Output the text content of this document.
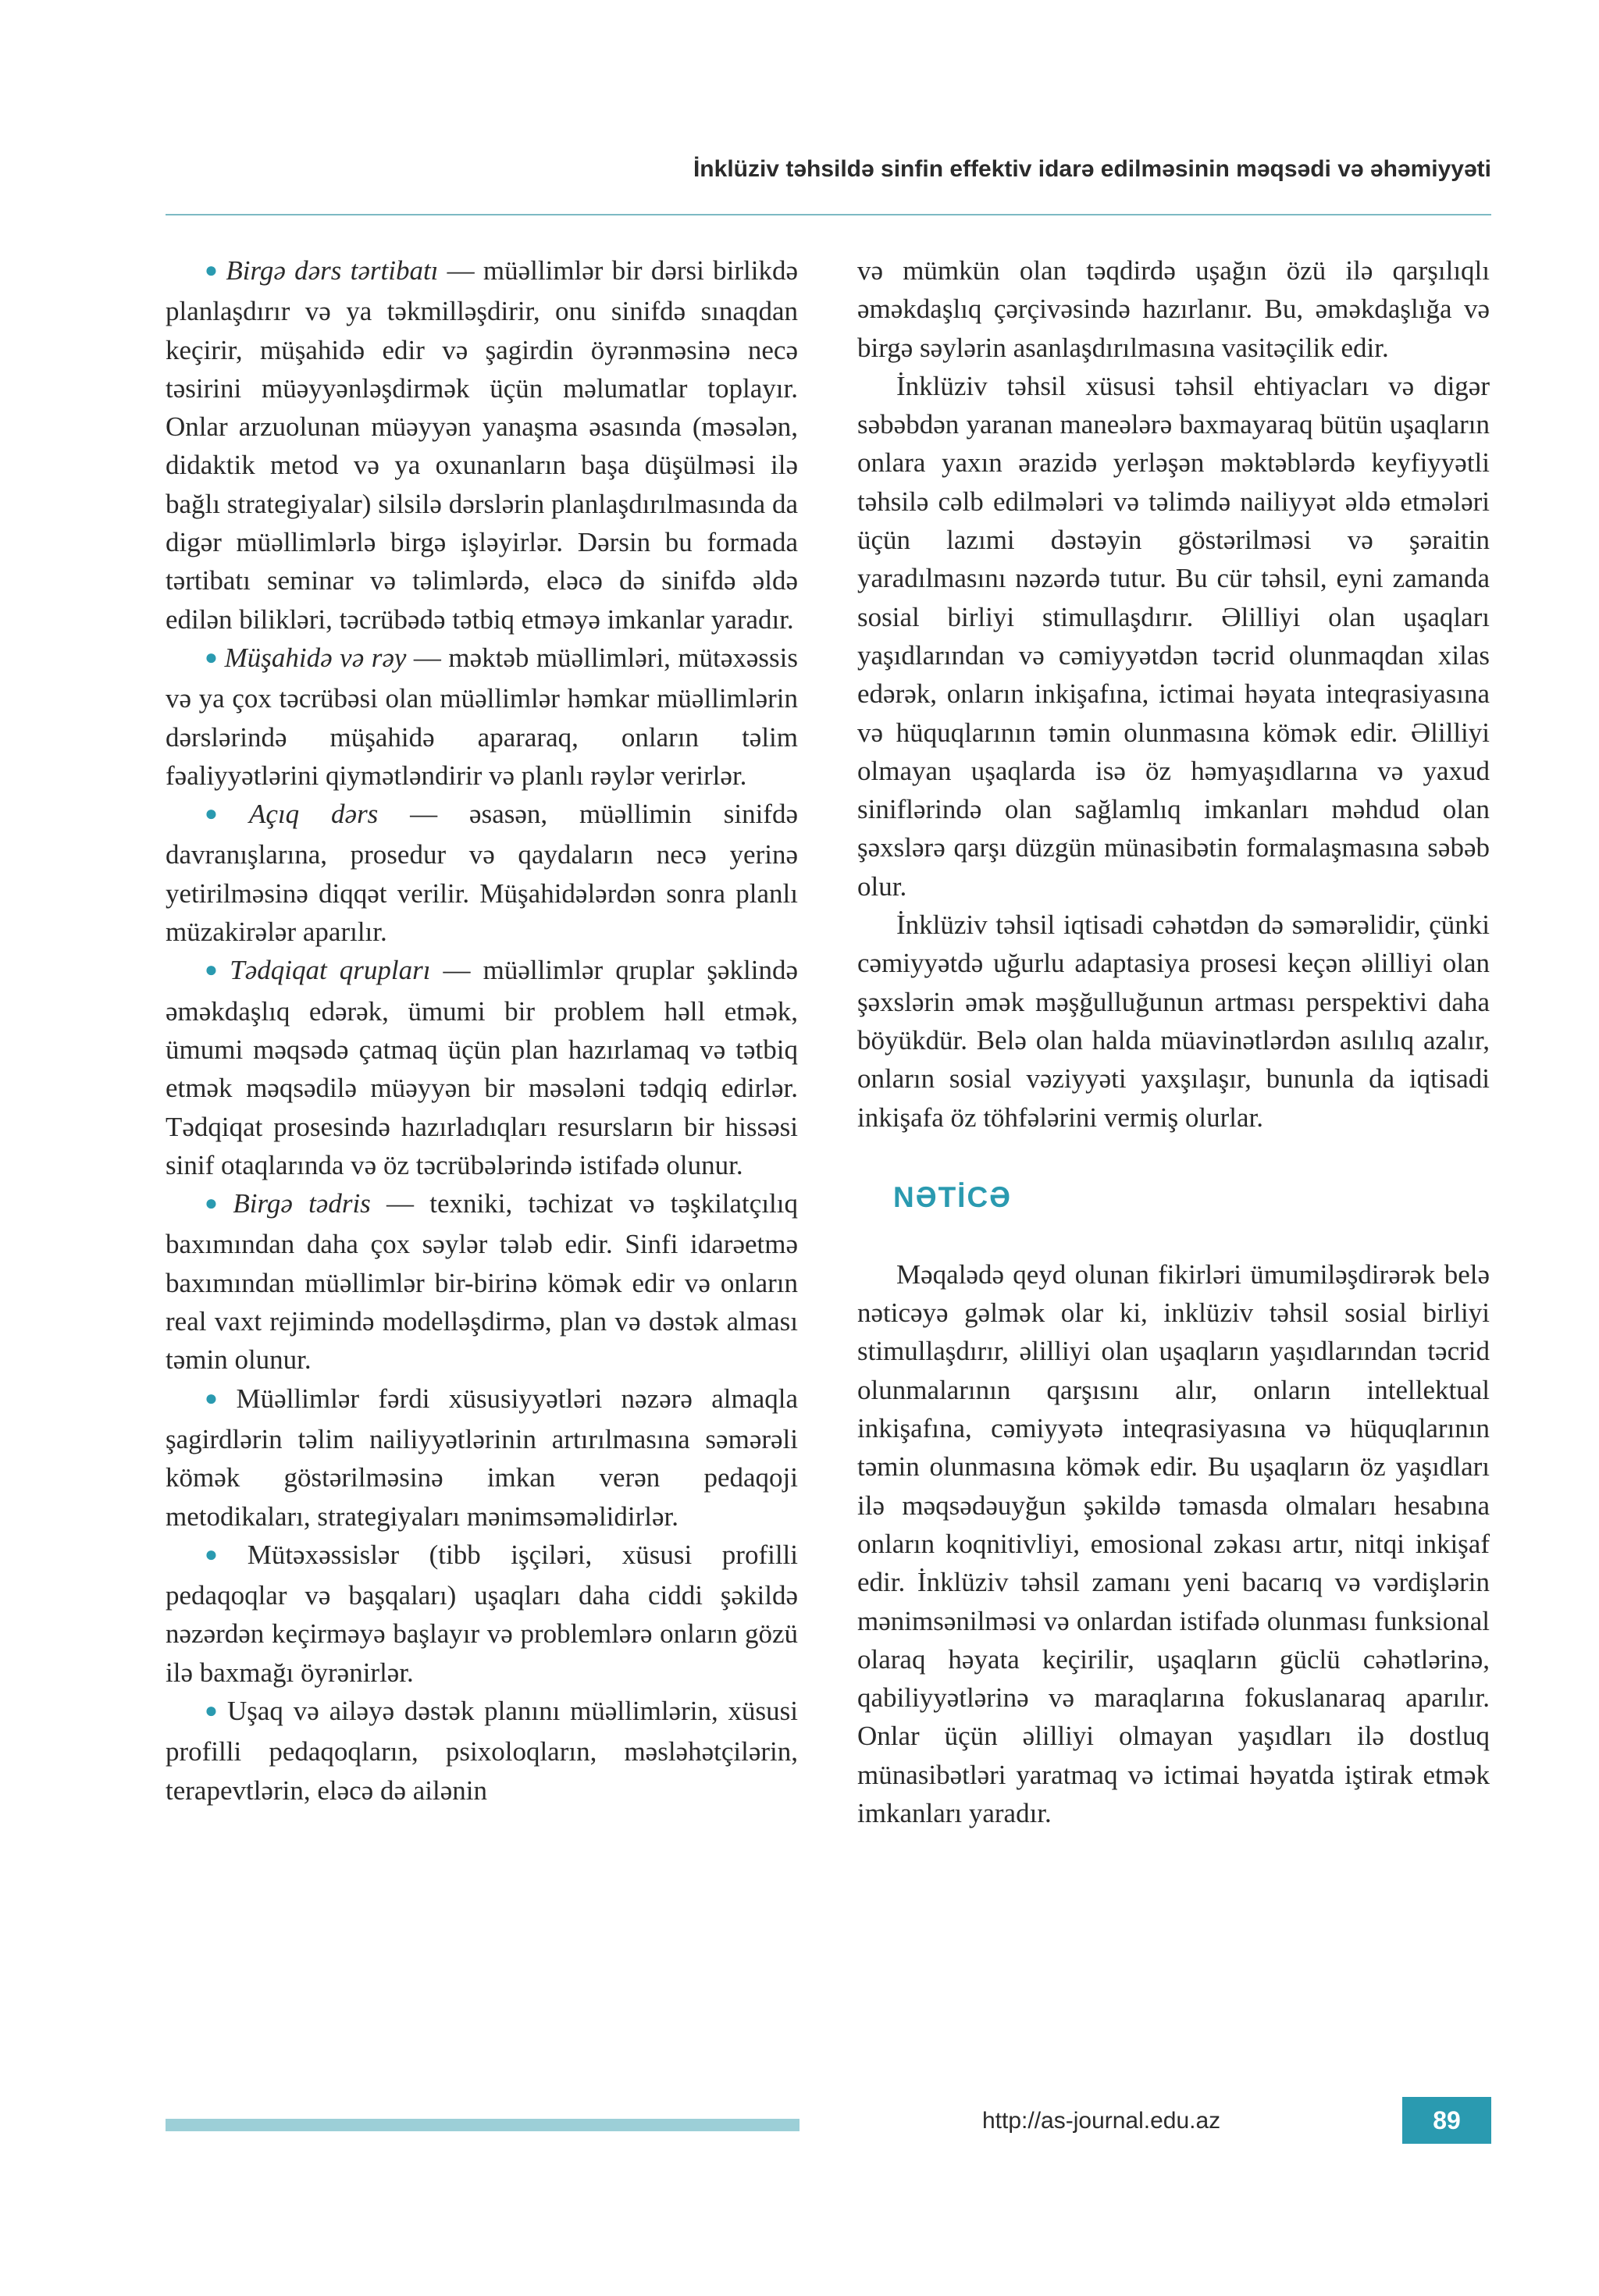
İnklüziv təhsildə sinfin effektiv idarə edilməsinin məqsədi və əhəmiyyəti

● Birgə dərs tərtibatı — müəllimlər bir dərsi birlikdə planlaşdırır və ya təkmilləşdirir, onu sinifdə sınaqdan keçirir, müşahidə edir və şagirdin öyrənməsinə necə təsirini müəyyənləşdirmək üçün məlumatlar toplayır. Onlar arzuolunan müəyyən yanaşma əsasında (məsələn, didaktik metod və ya oxunanların başa düşülməsi ilə bağlı strategiyalar) silsilə dərslərin planlaşdırılmasında da digər müəllimlərlə birgə işləyirlər. Dərsin bu formada tərtibatı seminar və təlimlərdə, eləcə də sinifdə əldə edilən bilikləri, təcrübədə tətbiq etməyə imkanlar yaradır.

● Müşahidə və rəy — məktəb müəllimləri, mütəxəssis və ya çox təcrübəsi olan müəllimlər həmkar müəllimlərin dərslərində müşahidə apararaq, onların təlim fəaliyyətlərini qiymətləndirir və planlı rəylər verirlər.

● Açıq dərs — əsasən, müəllimin sinifdə davranışlarına, prosedur və qaydaların necə yerinə yetirilməsinə diqqət verilir. Müşahidələrdən sonra planlı müzakirələr aparılır.

● Tədqiqat qrupları — müəllimlər qruplar şəklində əməkdaşlıq edərək, ümumi bir problem həll etmək, ümumi məqsədə çatmaq üçün plan hazırlamaq və tətbiq etmək məqsədilə müəyyən bir məsələni tədqiq edirlər. Tədqiqat prosesində hazırladıqları resursların bir hissəsi sinif otaqlarında və öz təcrübələrində istifadə olunur.

● Birgə tədris — texniki, təchizat və təşkilatçılıq baxımından daha çox səylər tələb edir. Sinfi idarəetmə baxımından müəllimlər bir-birinə kömək edir və onların real vaxt rejimində modelləşdirmə, plan və dəstək alması təmin olunur.

● Müəllimlər fərdi xüsusiyyətləri nəzərə almaqla şagirdlərin təlim nailiyyətlərinin artırılmasına səmərəli kömək göstərilməsinə imkan verən pedaqoji metodikaları, strategiyaları mənimsəməlidirlər.

● Mütəxəssislər (tibb işçiləri, xüsusi profilli pedaqoqlar və başqaları) uşaqları daha ciddi şəkildə nəzərdən keçirməyə başlayır və problemlərə onların gözü ilə baxmağı öyrənirlər.

● Uşaq və ailəyə dəstək planını müəllimlərin, xüsusi profilli pedaqoqların, psixoloqların, məsləhətçilərin, terapevtlərin, eləcə də ailənin

və mümkün olan təqdirdə uşağın özü ilə qarşılıqlı əməkdaşlıq çərçivəsində hazırlanır. Bu, əməkdaşlığa və birgə səylərin asanlaşdırılmasına vasitəçilik edir.

İnklüziv təhsil xüsusi təhsil ehtiyacları və digər səbəbdən yaranan maneələrə baxmayaraq bütün uşaqların onlara yaxın ərazidə yerləşən məktəblərdə keyfiyyətli təhsilə cəlb edilmələri və təlimdə nailiyyət əldə etmələri üçün lazımi dəstəyin göstərilməsi və şəraitin yaradılmasını nəzərdə tutur. Bu cür təhsil, eyni zamanda sosial birliyi stimullaşdırır. Əlilliyi olan uşaqları yaşıdlarından və cəmiyyətdən təcrid olunmaqdan xilas edərək, onların inkişafına, ictimai həyata inteqrasiyasına və hüquqlarının təmin olunmasına kömək edir. Əlilliyi olmayan uşaqlarda isə öz həmyaşıdlarına və yaxud siniflərində olan sağlamlıq imkanları məhdud olan şəxslərə qarşı düzgün münasibətin formalaşmasına səbəb olur.

İnklüziv təhsil iqtisadi cəhətdən də səmərəlidir, çünki cəmiyyətdə uğurlu adaptasiya prosesi keçən əlilliyi olan şəxslərin əmək məşğulluğunun artması perspektivi daha böyükdür. Belə olan halda müavinətlərdən asılılıq azalır, onların sosial vəziyyəti yaxşılaşır, bununla da iqtisadi inkişafa öz töhfələrini vermiş olurlar.

NƏTİCƏ

Məqalədə qeyd olunan fikirləri ümumiləşdirərək belə nəticəyə gəlmək olar ki, inklüziv təhsil sosial birliyi stimullaşdırır, əlilliyi olan uşaqların yaşıdlarından təcrid olunmalarının qarşısını alır, onların intellektual inkişafına, cəmiyyətə inteqrasiyasına və hüquqlarının təmin olunmasına kömək edir. Bu uşaqların öz yaşıdları ilə məqsədəuyğun şəkildə təmasda olmaları hesabına onların koqnitivliyi, emosional zəkası artır, nitqi inkişaf edir. İnklüziv təhsil zamanı yeni bacarıq və vərdişlərin mənimsənilməsi və onlardan istifadə olunması funksional olaraq həyata keçirilir, uşaqların güclü cəhətlərinə, qabiliyyətlərinə və maraqlarına fokuslanaraq aparılır. Onlar üçün əlilliyi olmayan yaşıdları ilə dostluq münasibətləri yaratmaq və ictimai həyatda iştirak etmək imkanları yaradır.

http://as-journal.edu.az	89
